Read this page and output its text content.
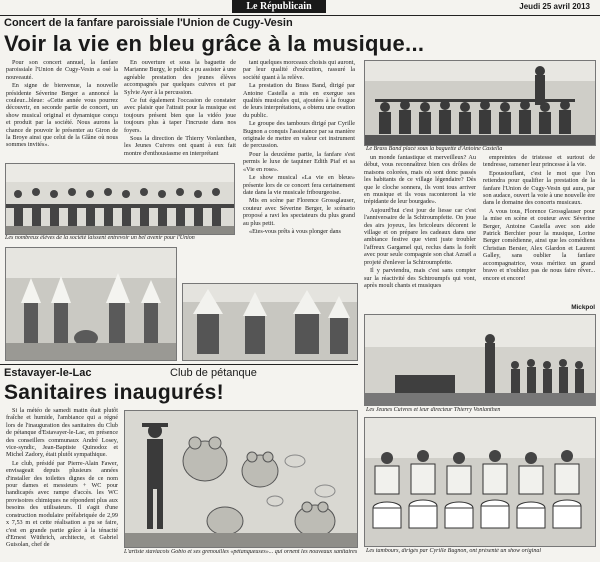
Le Républicain	Jeudi 25 avril 2013
Concert de la fanfare paroissiale l'Union de Cugy-Vesin
Voir la vie en bleu grâce à la musique...

Pour son concert annuel, la fanfare paroissiale l'Union de Cugy-Vesin a osé la nouveauté.

En signe de bienvenue, la nouvelle présidente Séverine Berger a annoncé la couleur...bleue: «Cette année vous pourrez découvrir, en seconde partie de concert, un show musical original et dynamique conçu et produit par la société. Nous aurons la chance de pouvoir le présenter au Giron de la Broye ainsi que celui de la Glâne où nous sommes invités».

En ouverture et sous la baguette de Marianne Burgy, le public a pu assister à une agréable prestation des jeunes élèves accompagnés par quelques cuivres et par Sylvie Ayer à la percussion.

Ce fut également l'occasion de constater avec plaisir que l'attrait pour la musique est toujours présent bien que la vidéo joue toujours plus à taper l'incruste dans nos foyers.

Sous la direction de Thierry Vonlanthen, les Jeunes Cuivres ont quant à eux fait montre d'enthousiasme en interprétant

tant quelques morceaux choisis qui auront, par leur qualité d'exécution, rassuré la société quant à la relève.

La prestation du Brass Band, dirigé par Antoine Castella a mis en exergue ses qualités musicales qui, ajoutées à la fougue de leurs interprétations, a obtenu une ovation du public.

Le groupe des tambours dirigé par Cyrille Bugnon a conquis l'assistance par sa manière originale de mettre en valeur cet instrument de percussion.

Pour la deuxième partie, la fanfare s'est permis le luxe de taquiner Edith Piaf et sa «Vie en rose».

Le show musical «La vie en bleue» présente lors de ce concert fera certainement date dans la vie musicale fribourgeoise.

Mis en scène par Florence Grossglauser, couteur avec Séverine Berger, le scénario proposé a ravi les spectateurs du plus grand au plus petit.

«Etes-vous prêts à vous plonger dans

Le Brass Band placé sous la baguette d'Antoine Castella
Les nombreux élèves de la société laissent entrevoir un bel avenir pour l'Union

un monde fantastique et merveilleux? Au début, vous reconnaîtrez bien ces drôles de maisons colorées, mais où sont donc passés les habitants de ce village légendaire? Dès que le cloche sonnera, ils vont tous arriver en musique et ils vous raconteront la vie trépidante de leur bourgade».

Aujourd'hui c'est jour de liesse car c'est l'anniversaire de la Schtroumpfette. On joue des airs joyeux, les bricoleurs décorent le village et on prépare les cadeaux dans une ambiance festive que vient juste troubler l'affreux Gargamel qui, reclus dans la forêt avec pour seule compagnie son chat Azraël a projeté d'enlever la Schtroumpfette.

Il y parviendra, mais c'est sans compter sur la réactivité des Schtroumpfs qui vont, après moult chants et musiques

empreintes de tristesse et surtout de tendresse, ramener leur princesse à la vie.

Epoustouflant, c'est le mot que l'on retiendra pour qualifier la prestation de la fanfare l'Union de Cugy-Vesin qui aura, par son audace, ouvert la voie à une nouvelle ère dans le domaine des concerts musicaux.

A vous tous, Florence Grossglauser pour la mise en scène et couteur avec Séverine Berger, Antoine Castella avec son aide Patrick Berchier pour la musique, Lorine Berger comédienne, ainsi que les comédiens Christian Bersier, Alex Glardon et Laurent Galley, sans oublier la fanfare accompagnatrice, vous méritez un grand bravo et n'oubliez pas de nous faire rêver... encore et encore!

Mickpol
Les Jeunes Cuivres et leur directeur Thierry Vonlanthen
Les tambours, dirigés par Cyrille Bugnon, ont présenté un show original
Estavayer-le-Lac	Club de pétanque
Sanitaires inaugurés!

Si la météo de samedi matin était plutôt fraîche et humide, l'ambiance qui a régné lors de l'inauguration des sanitaires du Club de pétanque d'Estavayer-le-Lac, en présence des conseillers communaux André Losey, vice-syndic, Jean-Baptiste Quinodoz et Michel Zadory, était plutôt sympathique.

Le club, présidé par Pierre-Alain Fawer, envisageait depuis plusieurs années d'installer des toilettes dignes de ce nom pour dames et messieurs + WC pour handicapés avec rampe d'accès. les WC provisoires chimiques ne répondent plus aux besoins des utilisateurs. Il s'agit d'une construction modulaire préfabriquée de 2,99 x 7,53 m et cette réalisation a pu se faire, c'est en grande partie grâce à la ténacité d'Ernest Wüthrich, architecte, et Gabriel Guisolan, chef de

L'artiste staviacois Gobio et ses grenouilles «pétanqueuses»... qui ornent les nouveaux sanitaires
